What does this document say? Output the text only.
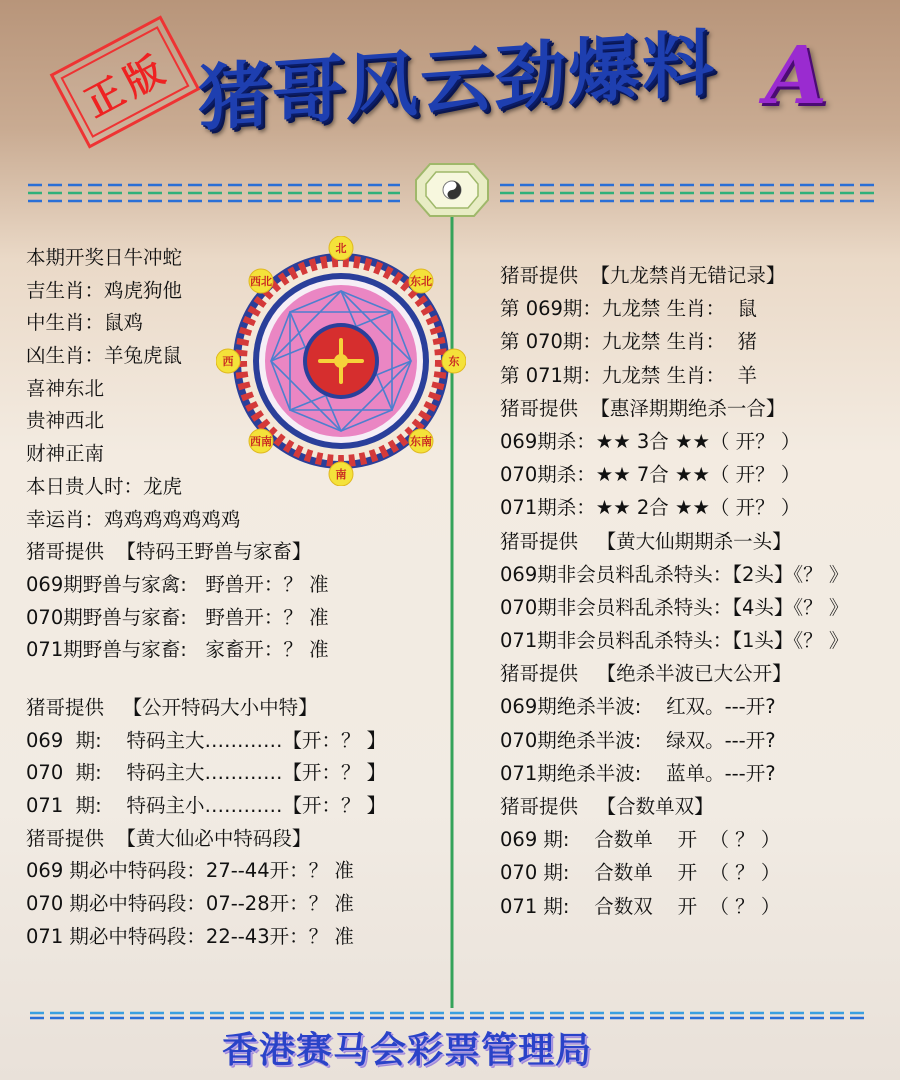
正版 猪哥风云劲爆料 A
北
东北
东
东南
南
西南
西
西北
本期开奖日牛冲蛇
吉生肖：鸡虎狗他
中生肖：鼠鸡
凶生肖：羊兔虎鼠
喜神东北
贵神西北
财神正南
本日贵人时：龙虎
幸运肖：鸡鸡鸡鸡鸡鸡鸡
猪哥提供  【特码王野兽与家畜】
069期野兽与家禽:   野兽开：？ 准
070期野兽与家畜:   野兽开：？ 准
071期野兽与家畜:   家畜开：？ 准
猪哥提供   【公开特码大小中特】
069  期:    特码主大…………【开：？ 】
070  期:    特码主大…………【开：？ 】
071  期:    特码主小…………【开：？ 】
猪哥提供  【黄大仙必中特码段】
069 期必中特码段：27--44开：？ 准
070 期必中特码段：07--28开：？ 准
071 期必中特码段：22--43开：？ 准
猪哥提供  【九龙禁肖无错记录】
第 069期：九龙禁 生肖：  鼠
第 070期：九龙禁 生肖：  猪
第 071期：九龙禁 生肖：  羊
猪哥提供  【惠泽期期绝杀一合】
069期杀：★★ 3合 ★★（ 开？ ）
070期杀：★★ 7合 ★★（ 开？ ）
071期杀：★★ 2合 ★★（ 开？ ）
猪哥提供   【黄大仙期期杀一头】
069期非会员料乱杀特头：【2头】《？ 》
070期非会员料乱杀特头：【4头】《？ 》
071期非会员料乱杀特头：【1头】《？ 》
猪哥提供   【绝杀半波已大公开】
069期绝杀半波:    红双。---开?
070期绝杀半波:    绿双。---开?
071期绝杀半波:    蓝单。---开?
猪哥提供   【合数单双】
069 期:    合数单    开  （ ？ ）
070 期:    合数单    开  （ ？ ）
071 期:    合数双    开  （ ？ ）
香港赛马会彩票管理局
